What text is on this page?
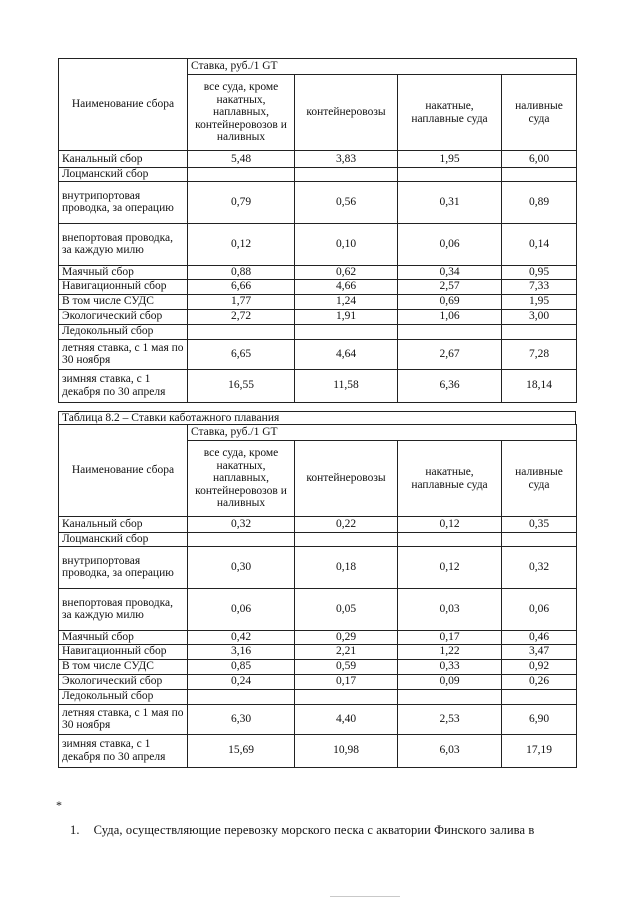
Наименование сбора	Ставка, руб./1 GT			
	все суда, кроме накатных, наплавных, контейнеровозов и наливных	контейнеровозы	накатные, наплавные суда	наливные суда
Канальный сбор	5,48	3,83	1,95	6,00
Лоцманский сбор				
внутрипортовая проводка, за операцию	0,79	0,56	0,31	0,89
внепортовая проводка, за каждую милю	0,12	0,10	0,06	0,14
Маячный сбор	0,88	0,62	0,34	0,95
Навигационный сбор	6,66	4,66	2,57	7,33
В том числе СУДС	1,77	1,24	0,69	1,95
Экологический сбор	2,72	1,91	1,06	3,00
Ледокольный сбор				
летняя ставка, с 1 мая по 30 ноября	6,65	4,64	2,67	7,28
зимняя ставка, с 1 декабря по 30 апреля	16,55	11,58	6,36	18,14
Таблица 8.2 – Ставки каботажного плавания
Наименование сбора	Ставка, руб./1 GT			
	все суда, кроме накатных, наплавных, контейнеровозов и наливных	контейнеровозы	накатные, наплавные суда	наливные суда
Канальный сбор	0,32	0,22	0,12	0,35
Лоцманский сбор				
внутрипортовая проводка, за операцию	0,30	0,18	0,12	0,32
внепортовая проводка, за каждую милю	0,06	0,05	0,03	0,06
Маячный сбор	0,42	0,29	0,17	0,46
Навигационный сбор	3,16	2,21	1,22	3,47
В том числе СУДС	0,85	0,59	0,33	0,92
Экологический сбор	0,24	0,17	0,09	0,26
Ледокольный сбор				
летняя ставка, с 1 мая по 30 ноября	6,30	4,40	2,53	6,90
зимняя ставка, с 1 декабря по 30 апреля	15,69	10,98	6,03	17,19
*
1. Суда, осуществляющие перевозку морского песка с акватории Финского залива в
